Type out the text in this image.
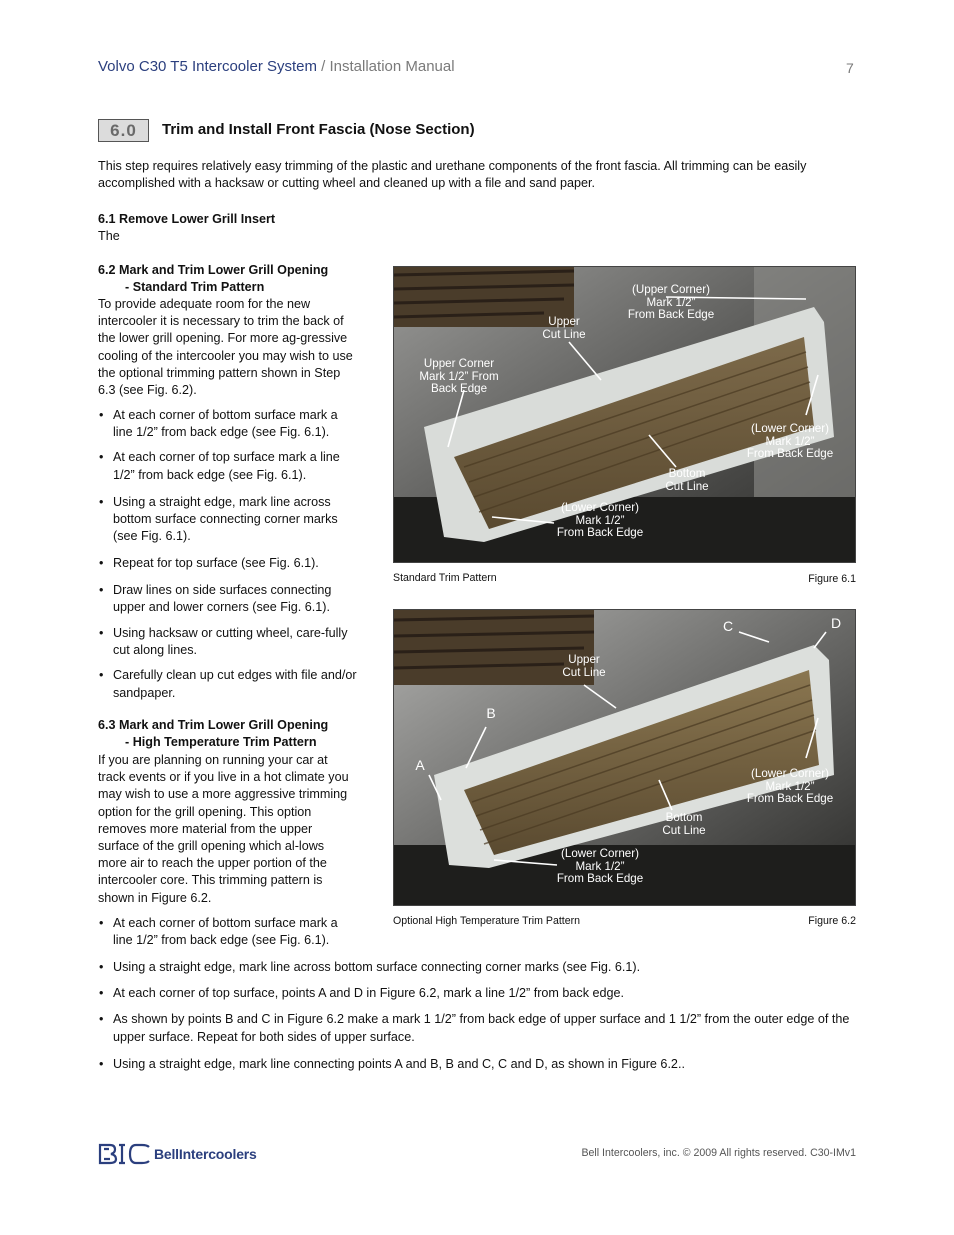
Volvo C30 T5 Intercooler System / Installation Manual	7
6.0	Trim and Install Front Fascia (Nose Section)
This step requires relatively easy trimming of the plastic and urethane components of the front fascia. All trimming can be easily accomplished with a hacksaw or cutting wheel and cleaned up with a file and sand paper.
6.1 Remove Lower Grill Insert
The
6.2 Mark and Trim Lower Grill Opening
- Standard Trim Pattern
To provide adequate room for the new intercooler it is necessary to trim the back of the lower grill opening. For more ag-gressive cooling of the intercooler you may wish to use the optional trimming pattern shown in Step 6.3 (see Fig. 6.2).
• At each corner of bottom surface mark a line 1/2” from back edge (see Fig. 6.1).
• At each corner of top surface mark a line 1/2” from back edge (see Fig. 6.1).
• Using a straight edge, mark line across bottom surface connecting corner marks (see Fig. 6.1).
• Repeat for top surface (see Fig. 6.1).
• Draw lines on side surfaces connecting upper and lower corners (see Fig. 6.1).
• Using hacksaw or cutting wheel, care-fully cut along lines.
• Carefully clean up cut edges with file and/or sandpaper.
6.3 Mark and Trim Lower Grill Opening
- High Temperature Trim Pattern
If you are planning on running your car at track events or if you live in a hot climate you may wish to use a more aggressive trimming option for the grill opening. This option removes more material from the upper surface of the grill opening which al-lows more air to reach the upper portion of the intercooler core. This trimming pattern is shown in Figure 6.2.
• At each corner of bottom surface mark a line 1/2” from back edge (see Fig. 6.1).
• Using a straight edge, mark line across bottom surface connecting corner marks (see Fig. 6.1).
• At each corner of top surface, points A and D in Figure 6.2, mark a line 1/2” from back edge.
• As shown by points B and C in Figure 6.2 make a mark 1 1/2” from back edge of upper surface and 1 1/2” from the outer edge of the upper surface. Repeat for both sides of upper surface.
• Using a straight edge, mark line connecting points A and B, B and C, C and D, as shown in Figure 6.2..
(Upper Corner)
Mark 1/2”
From Back Edge
Upper
Cut Line
Upper Corner
Mark 1/2” From
Back Edge
(Lower Corner)
Mark 1/2”
From Back Edge
Bottom
Cut Line
(Lower Corner)
Mark 1/2”
From Back Edge
Standard Trim Pattern	Figure 6.1
C	D
B
A
Upper
Cut Line
(Lower Corner)
Mark 1/2”
From Back Edge
Bottom
Cut Line
(Lower Corner)
Mark 1/2”
From Back Edge
Optional High Temperature Trim Pattern	Figure 6.2
BellIntercoolers	Bell Intercoolers, inc. © 2009 All rights reserved. C30-IMv1
